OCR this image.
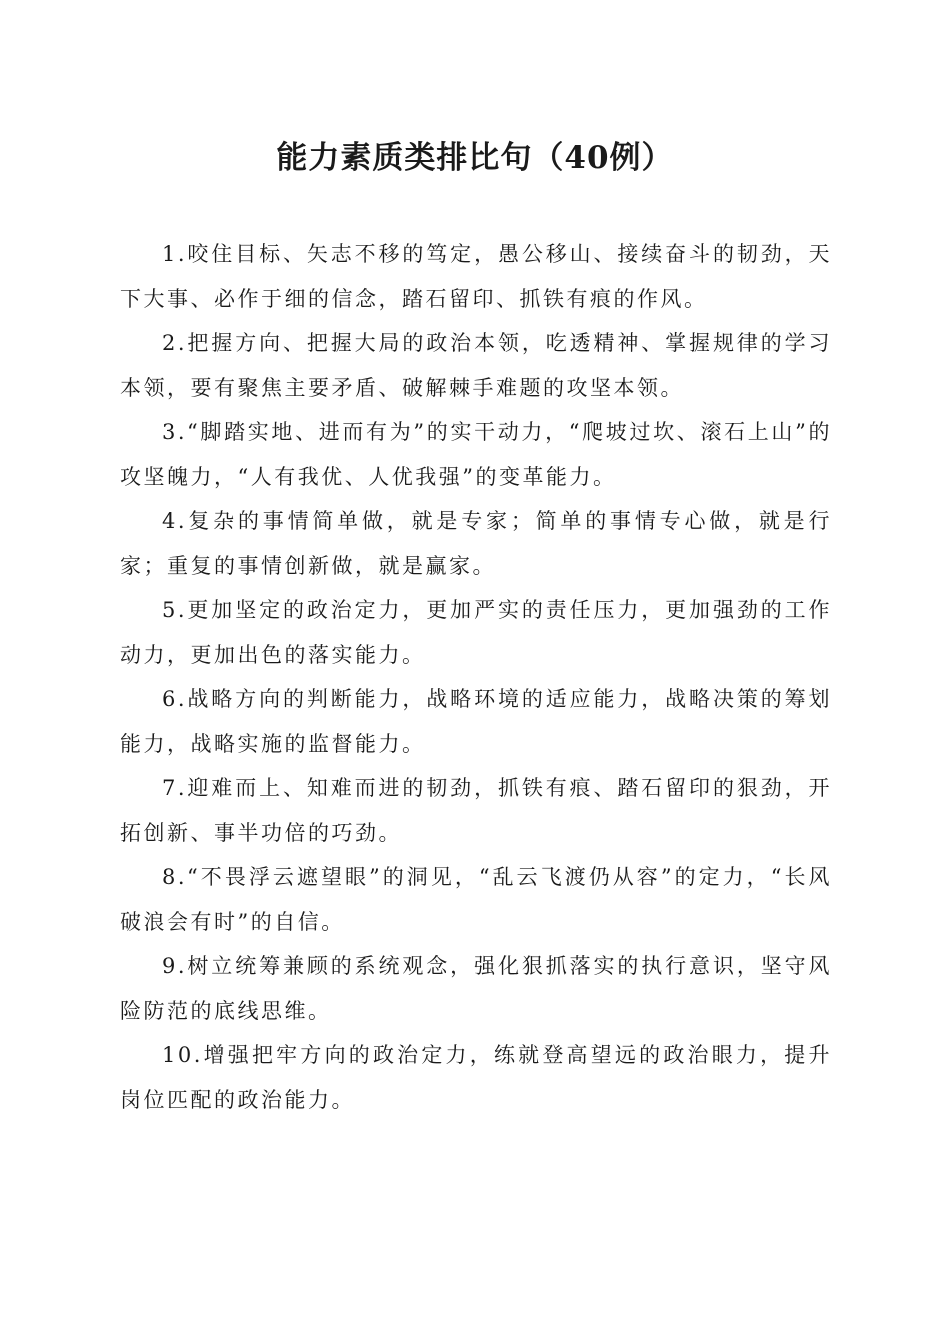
能力素质类排比句（40例）

1.咬住目标、矢志不移的笃定，愚公移山、接续奋斗的韧劲，天下大事、必作于细的信念，踏石留印、抓铁有痕的作风。

2.把握方向、把握大局的政治本领，吃透精神、掌握规律的学习本领，要有聚焦主要矛盾、破解棘手难题的攻坚本领。

3.“脚踏实地、进而有为”的实干动力，“爬坡过坎、滚石上山”的攻坚魄力，“人有我优、人优我强”的变革能力。

4.复杂的事情简单做，就是专家；简单的事情专心做，就是行家；重复的事情创新做，就是赢家。

5.更加坚定的政治定力，更加严实的责任压力，更加强劲的工作动力，更加出色的落实能力。

6.战略方向的判断能力，战略环境的适应能力，战略决策的筹划能力，战略实施的监督能力。

7.迎难而上、知难而进的韧劲，抓铁有痕、踏石留印的狠劲，开拓创新、事半功倍的巧劲。

8.“不畏浮云遮望眼”的洞见，“乱云飞渡仍从容”的定力，“长风破浪会有时”的自信。

9.树立统筹兼顾的系统观念，强化狠抓落实的执行意识，坚守风险防范的底线思维。

10.增强把牢方向的政治定力，练就登高望远的政治眼力，提升岗位匹配的政治能力。
